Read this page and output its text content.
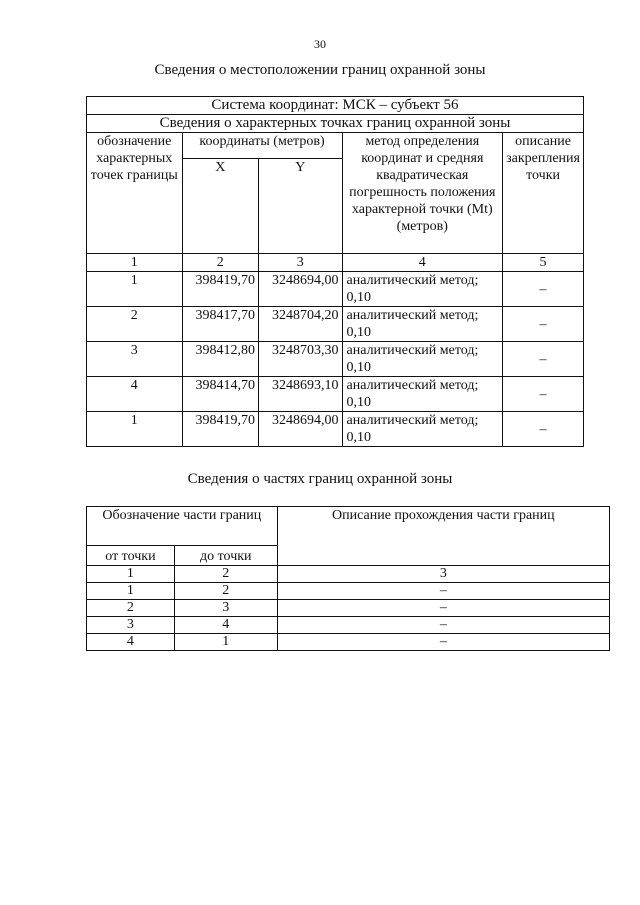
30
Сведения о местоположении границ охранной зоны
Система координат: МСК – субъект 56				
Сведения о характерных точках границ охранной зоны				
обозначение характерных точек границы	координаты (метров)		метод определения координат и средняя квадратическая погрешность положения характерной точки (Mt) (метров)	описание закрепления точки
	X	Y		
1	2	3	4	5
1	398419,70	3248694,00	аналитический метод; 0,10	–
2	398417,70	3248704,20	аналитический метод; 0,10	–
3	398412,80	3248703,30	аналитический метод; 0,10	–
4	398414,70	3248693,10	аналитический метод; 0,10	–
1	398419,70	3248694,00	аналитический метод; 0,10	–
Сведения о частях границ охранной зоны
Обозначение части границ		Описание прохождения части границ
от точки	до точки	
1	2	3
1	2	–
2	3	–
3	4	–
4	1	–
